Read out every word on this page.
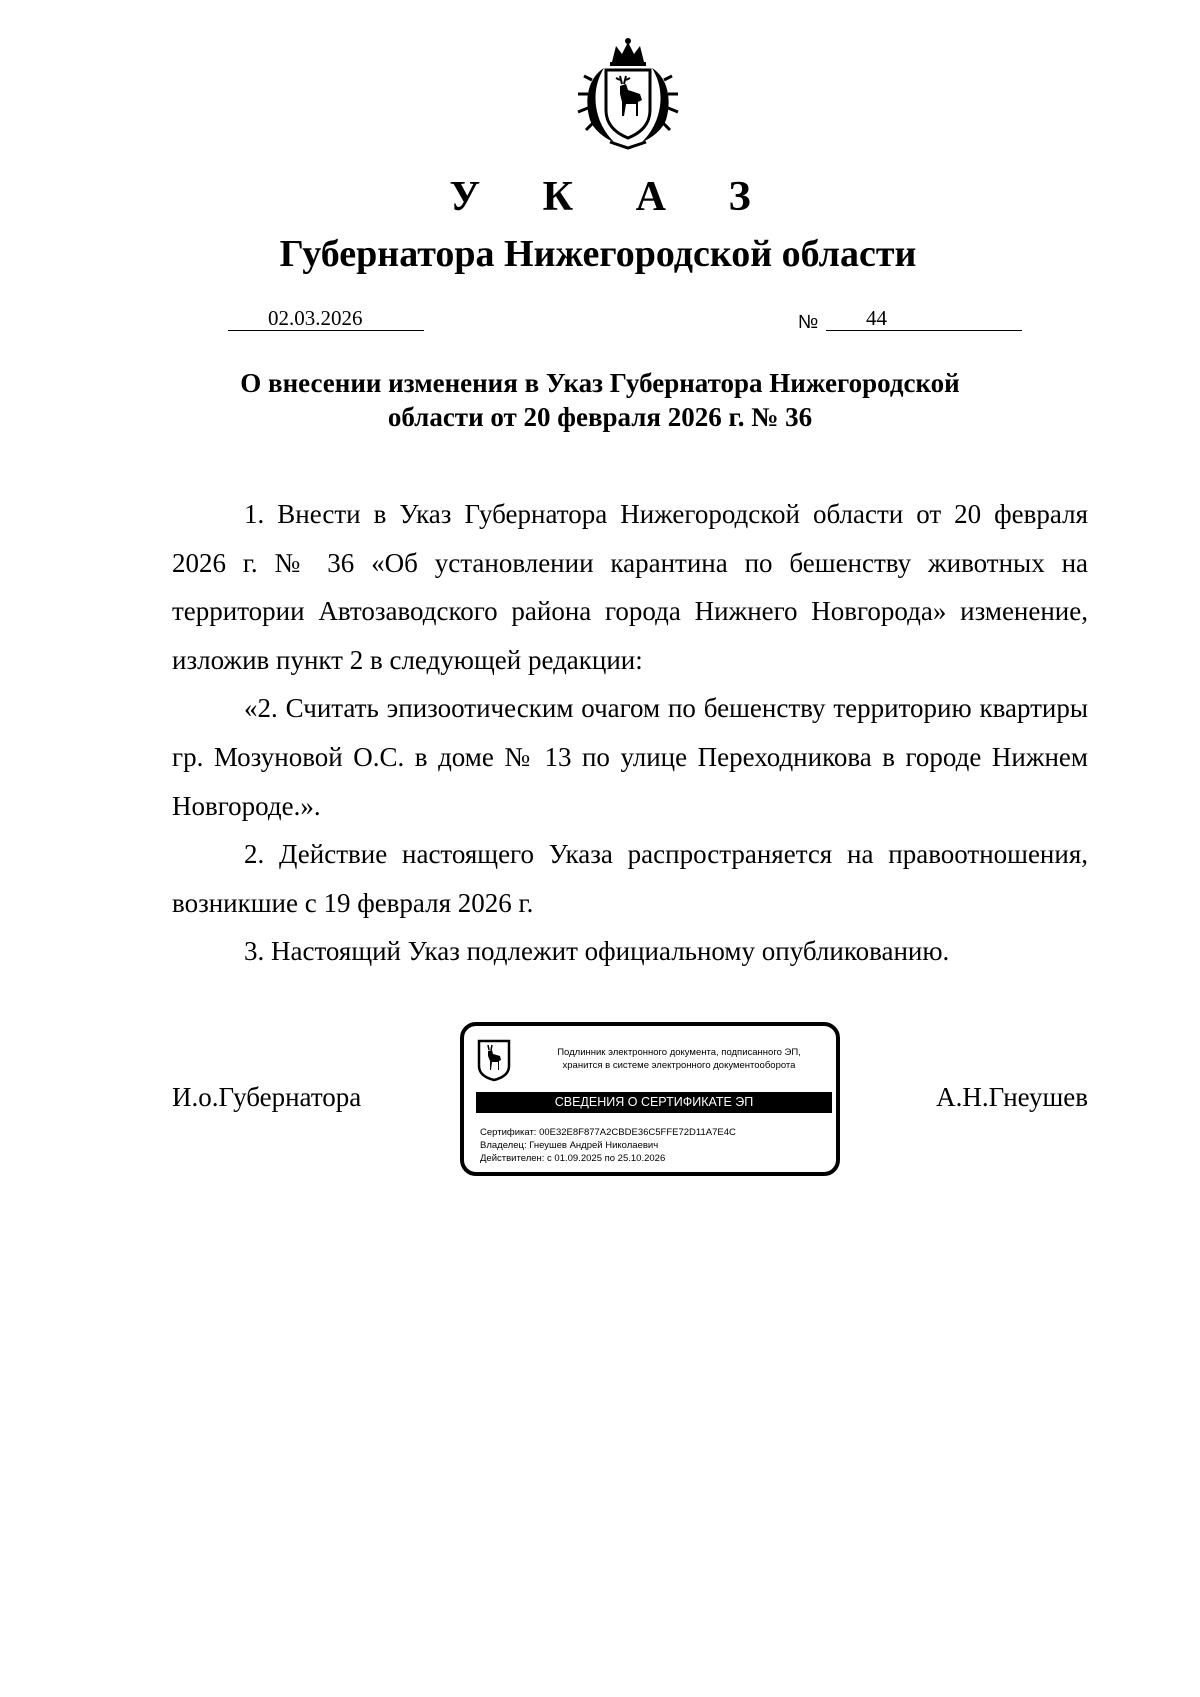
У К А З
Губернатора Нижегородской области
02.03.2026	№	44
О внесении изменения в Указ Губернатора Нижегородской
области от 20 февраля 2026 г. № 36

1. Внести в Указ Губернатора Нижегородской области от 20 февраля 2026 г. № 36 «Об установлении карантина по бешенству животных на территории Автозаводского района города Нижнего Новгорода» изменение, изложив пункт 2 в следующей редакции:

«2. Считать эпизоотическим очагом по бешенству территорию квартиры гр. Мозуновой О.С. в доме № 13 по улице Переходникова в городе Нижнем Новгороде.».

2. Действие настоящего Указа распространяется на правоотношения, возникшие с 19 февраля 2026 г.

3. Настоящий Указ подлежит официальному опубликованию.

И.о.Губернатора
Подлинник электронного документа, подписанного ЭП,
хранится в системе электронного документооборота
СВЕДЕНИЯ О СЕРТИФИКАТЕ ЭП
Сертификат: 00E32E8F877A2CBDE36C5FFE72D11A7E4C
Владелец: Гнеушев Андрей Николаевич
Действителен: с 01.09.2025 по 25.10.2026
А.Н.Гнеушев
